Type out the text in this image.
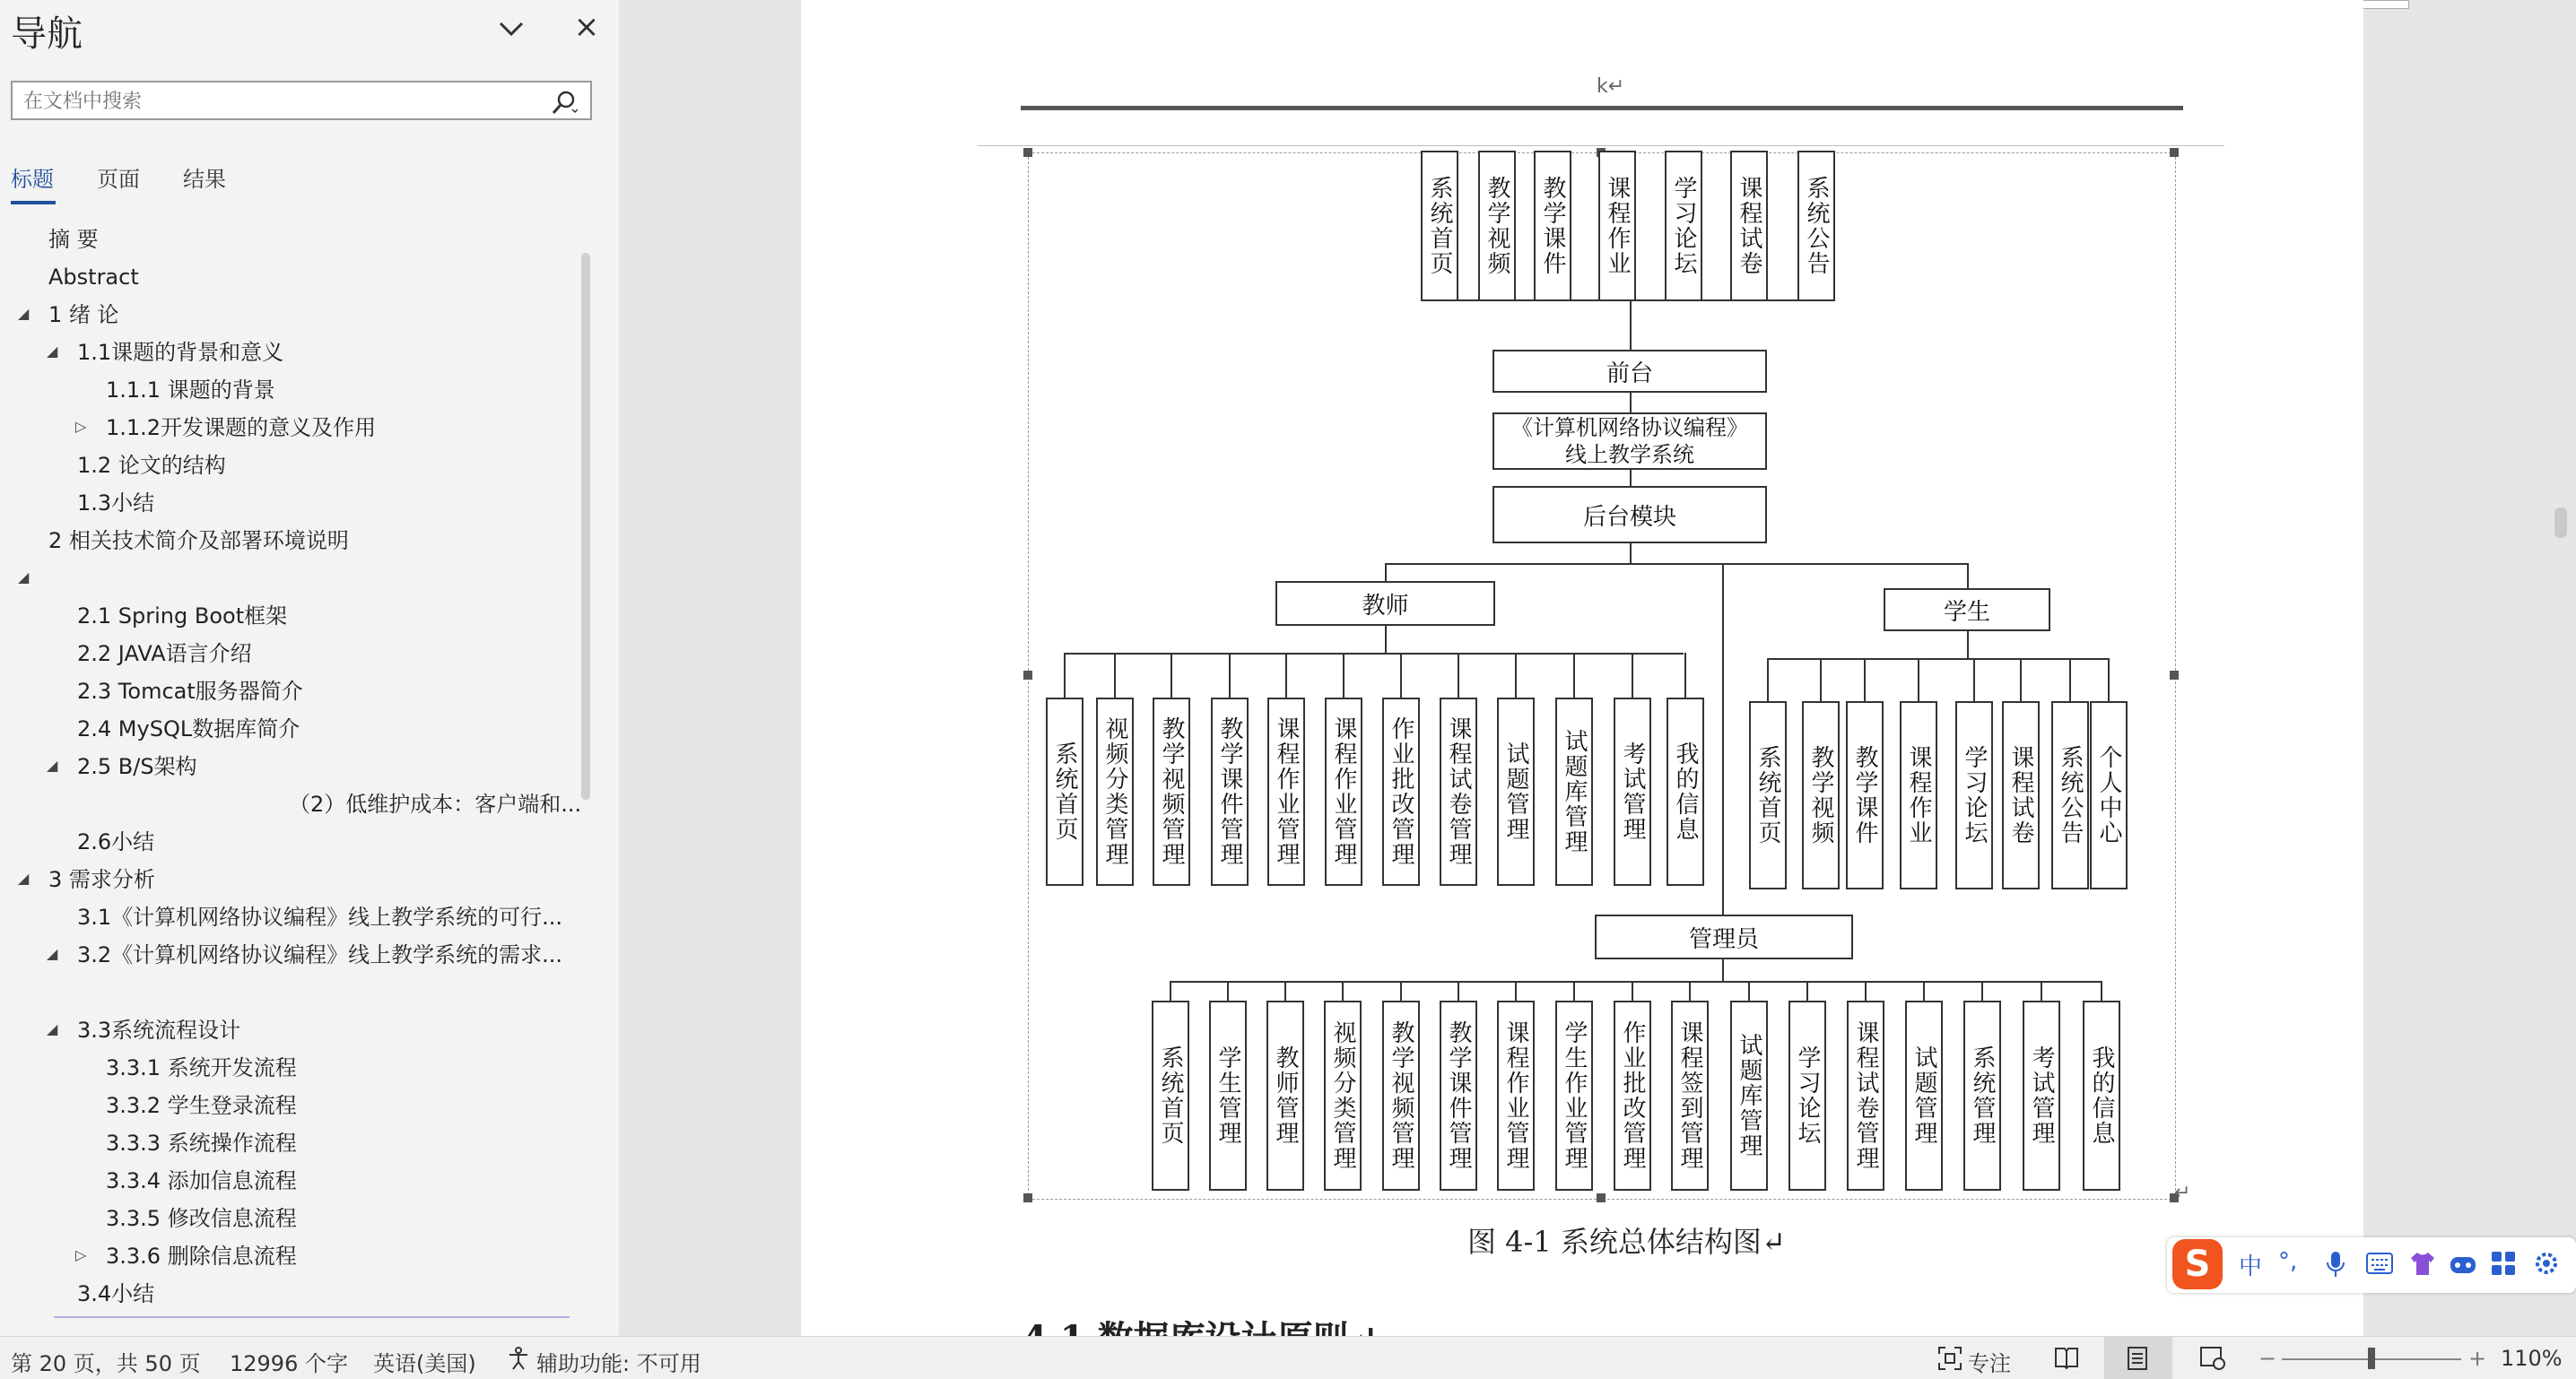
导航	×
在文档中搜索
标题 页面 结果
摘 要
Abstract
◢ 1 绪 论
◢ 1.1课题的背景和意义
1.1.1 课题的背景
▷ 1.1.2开发课题的意义及作用
1.2 论文的结构
1.3小结
2 相关技术简介及部署环境说明
◢
2.1 Spring Boot框架
2.2 JAVA语言介绍
2.3 Tomcat服务器简介
2.4 MySQL数据库简介
◢ 2.5 B/S架构
（2）低维护成本：客户端和...
2.6小结
◢ 3 需求分析
3.1《计算机网络协议编程》线上教学系统的可行...
◢ 3.2《计算机网络协议编程》线上教学系统的需求...
◢ 3.3系统流程设计
3.3.1 系统开发流程
3.3.2 学生登录流程
3.3.3 系统操作流程
3.3.4 添加信息流程
3.3.5 修改信息流程
▷ 3.3.6 删除信息流程
3.4小结
k↵
系统首页 教学视频 教学课件 课程作业 学习论坛 课程试卷 系统公告
前台
《计算机网络协议编程》
线上教学系统
后台模块
教师
系统首页 视频分类管理 教学视频管理 教学课件管理 课程作业管理 课程作业管理 作业批改管理 课程试卷管理 试题管理 试题库管理 考试管理 我的信息
学生
系统首页 教学视频 教学课件 课程作业 学习论坛 课程试卷 系统公告 个人中心
管理员
系统首页 学生管理 教师管理 视频分类管理 教学视频管理 教学课件管理 课程作业管理 学生作业管理 作业批改管理 课程签到管理 试题库管理 学习论坛 课程试卷管理 试题管理 系统管理 考试管理 我的信息
↵
图 4-1 系统总体结构图↵
S	中 °,
第 20 页，共 50 页 12996 个字 英语(美国)	辅助功能: 不可用	专注	−	+ 110%
